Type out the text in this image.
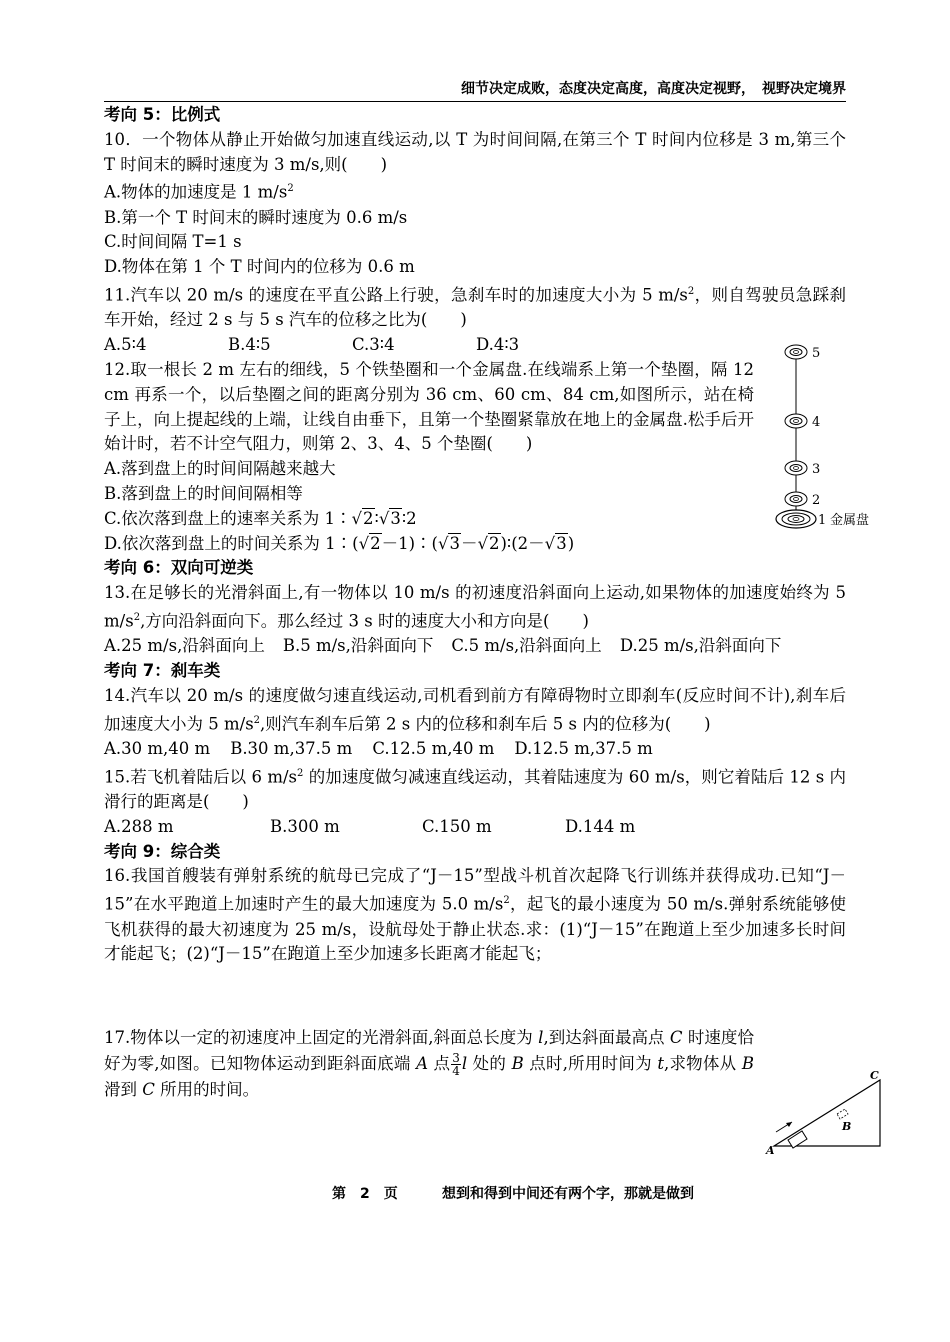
细节决定成败，态度决定高度，高度决定视野，　视野决定境界

考向 5：比例式

10．一个物体从静止开始做匀加速直线运动,以 T 为时间间隔,在第三个 T 时间内位移是 3 m,第三个 T 时间末的瞬时速度为 3 m/s,则(　　)

A.物体的加速度是 1 $m/s^2$

B.第一个 T 时间末的瞬时速度为 0.6 m/s

C.时间间隔 T=1 s

D.物体在第 1 个 T 时间内的位移为 0.6 m

11.汽车以 20 m/s 的速度在平直公路上行驶，急刹车时的加速度大小为 5 $m/s^2$，则自驾驶员急踩刹车开始，经过 2 s 与 5 s 汽车的位移之比为(　　)

A.5∶4	B.4∶5	C.3∶4	D.4∶3

12.取一根长 2 m 左右的细线，5 个铁垫圈和一个金属盘.在线端系上第一个垫圈，隔 12 cm 再系一个，以后垫圈之间的距离分别为 36 cm、60 cm、84 cm,如图所示，站在椅子上，向上提起线的上端，让线自由垂下，且第一个垫圈紧靠放在地上的金属盘.松手后开始计时，若不计空气阻力，则第 2、3、4、5 个垫圈(　　)

A.落到盘上的时间间隔越来越大

B.落到盘上的时间间隔相等

C.依次落到盘上的速率关系为 1∶√2∶√3∶2

D.依次落到盘上的时间关系为 1∶(√2－1)∶(√3－√2)∶(2－√3)

考向 6：双向可逆类

13.在足够长的光滑斜面上,有一物体以 10 m/s 的初速度沿斜面向上运动,如果物体的加速度始终为 5 $m/s^2$,方向沿斜面向下。那么经过 3 s 时的速度大小和方向是(　　)

A.25 m/s,沿斜面向上 B.5 m/s,沿斜面向下 C.5 m/s,沿斜面向上 D.25 m/s,沿斜面向下

考向 7：刹车类

14.汽车以 20 m/s 的速度做匀速直线运动,司机看到前方有障碍物时立即刹车(反应时间不计),刹车后加速度大小为 5 $m/s^2$,则汽车刹车后第 2 s 内的位移和刹车后 5 s 内的位移为(　　)

A.30 m,40 m B.30 m,37.5 m C.12.5 m,40 m D.12.5 m,37.5 m

15.若飞机着陆后以 6 $m/s^2$ 的加速度做匀减速直线运动，其着陆速度为 60 m/s，则它着陆后 12 s 内滑行的距离是(　　)

A.288 m	B.300 m	C.150 m	D.144 m

考向 9：综合类

16.我国首艘装有弹射系统的航母已完成了“J－15”型战斗机首次起降飞行训练并获得成功.已知“J－15”在水平跑道上加速时产生的最大加速度为 5.0 $m/s^2$，起飞的最小速度为 50 m/s.弹射系统能够使飞机获得的最大初速度为 25 m/s，设航母处于静止状态.求：(1)“J－15”在跑道上至少加速多长时间才能起飞；(2)“J－15”在跑道上至少加速多长距离才能起飞；

17.物体以一定的初速度冲上固定的光滑斜面,斜面总长度为 l,到达斜面最高点 C 时速度恰好为零,如图。已知物体运动到距斜面底端 A 点 $\frac{3}{4}$ l 处的 B 点时,所用时间为 t,求物体从 B 滑到 C 所用的时间。

5
4
3
2
1 金属盘
A
B
C
第　2　页	想到和得到中间还有两个字，那就是做到
